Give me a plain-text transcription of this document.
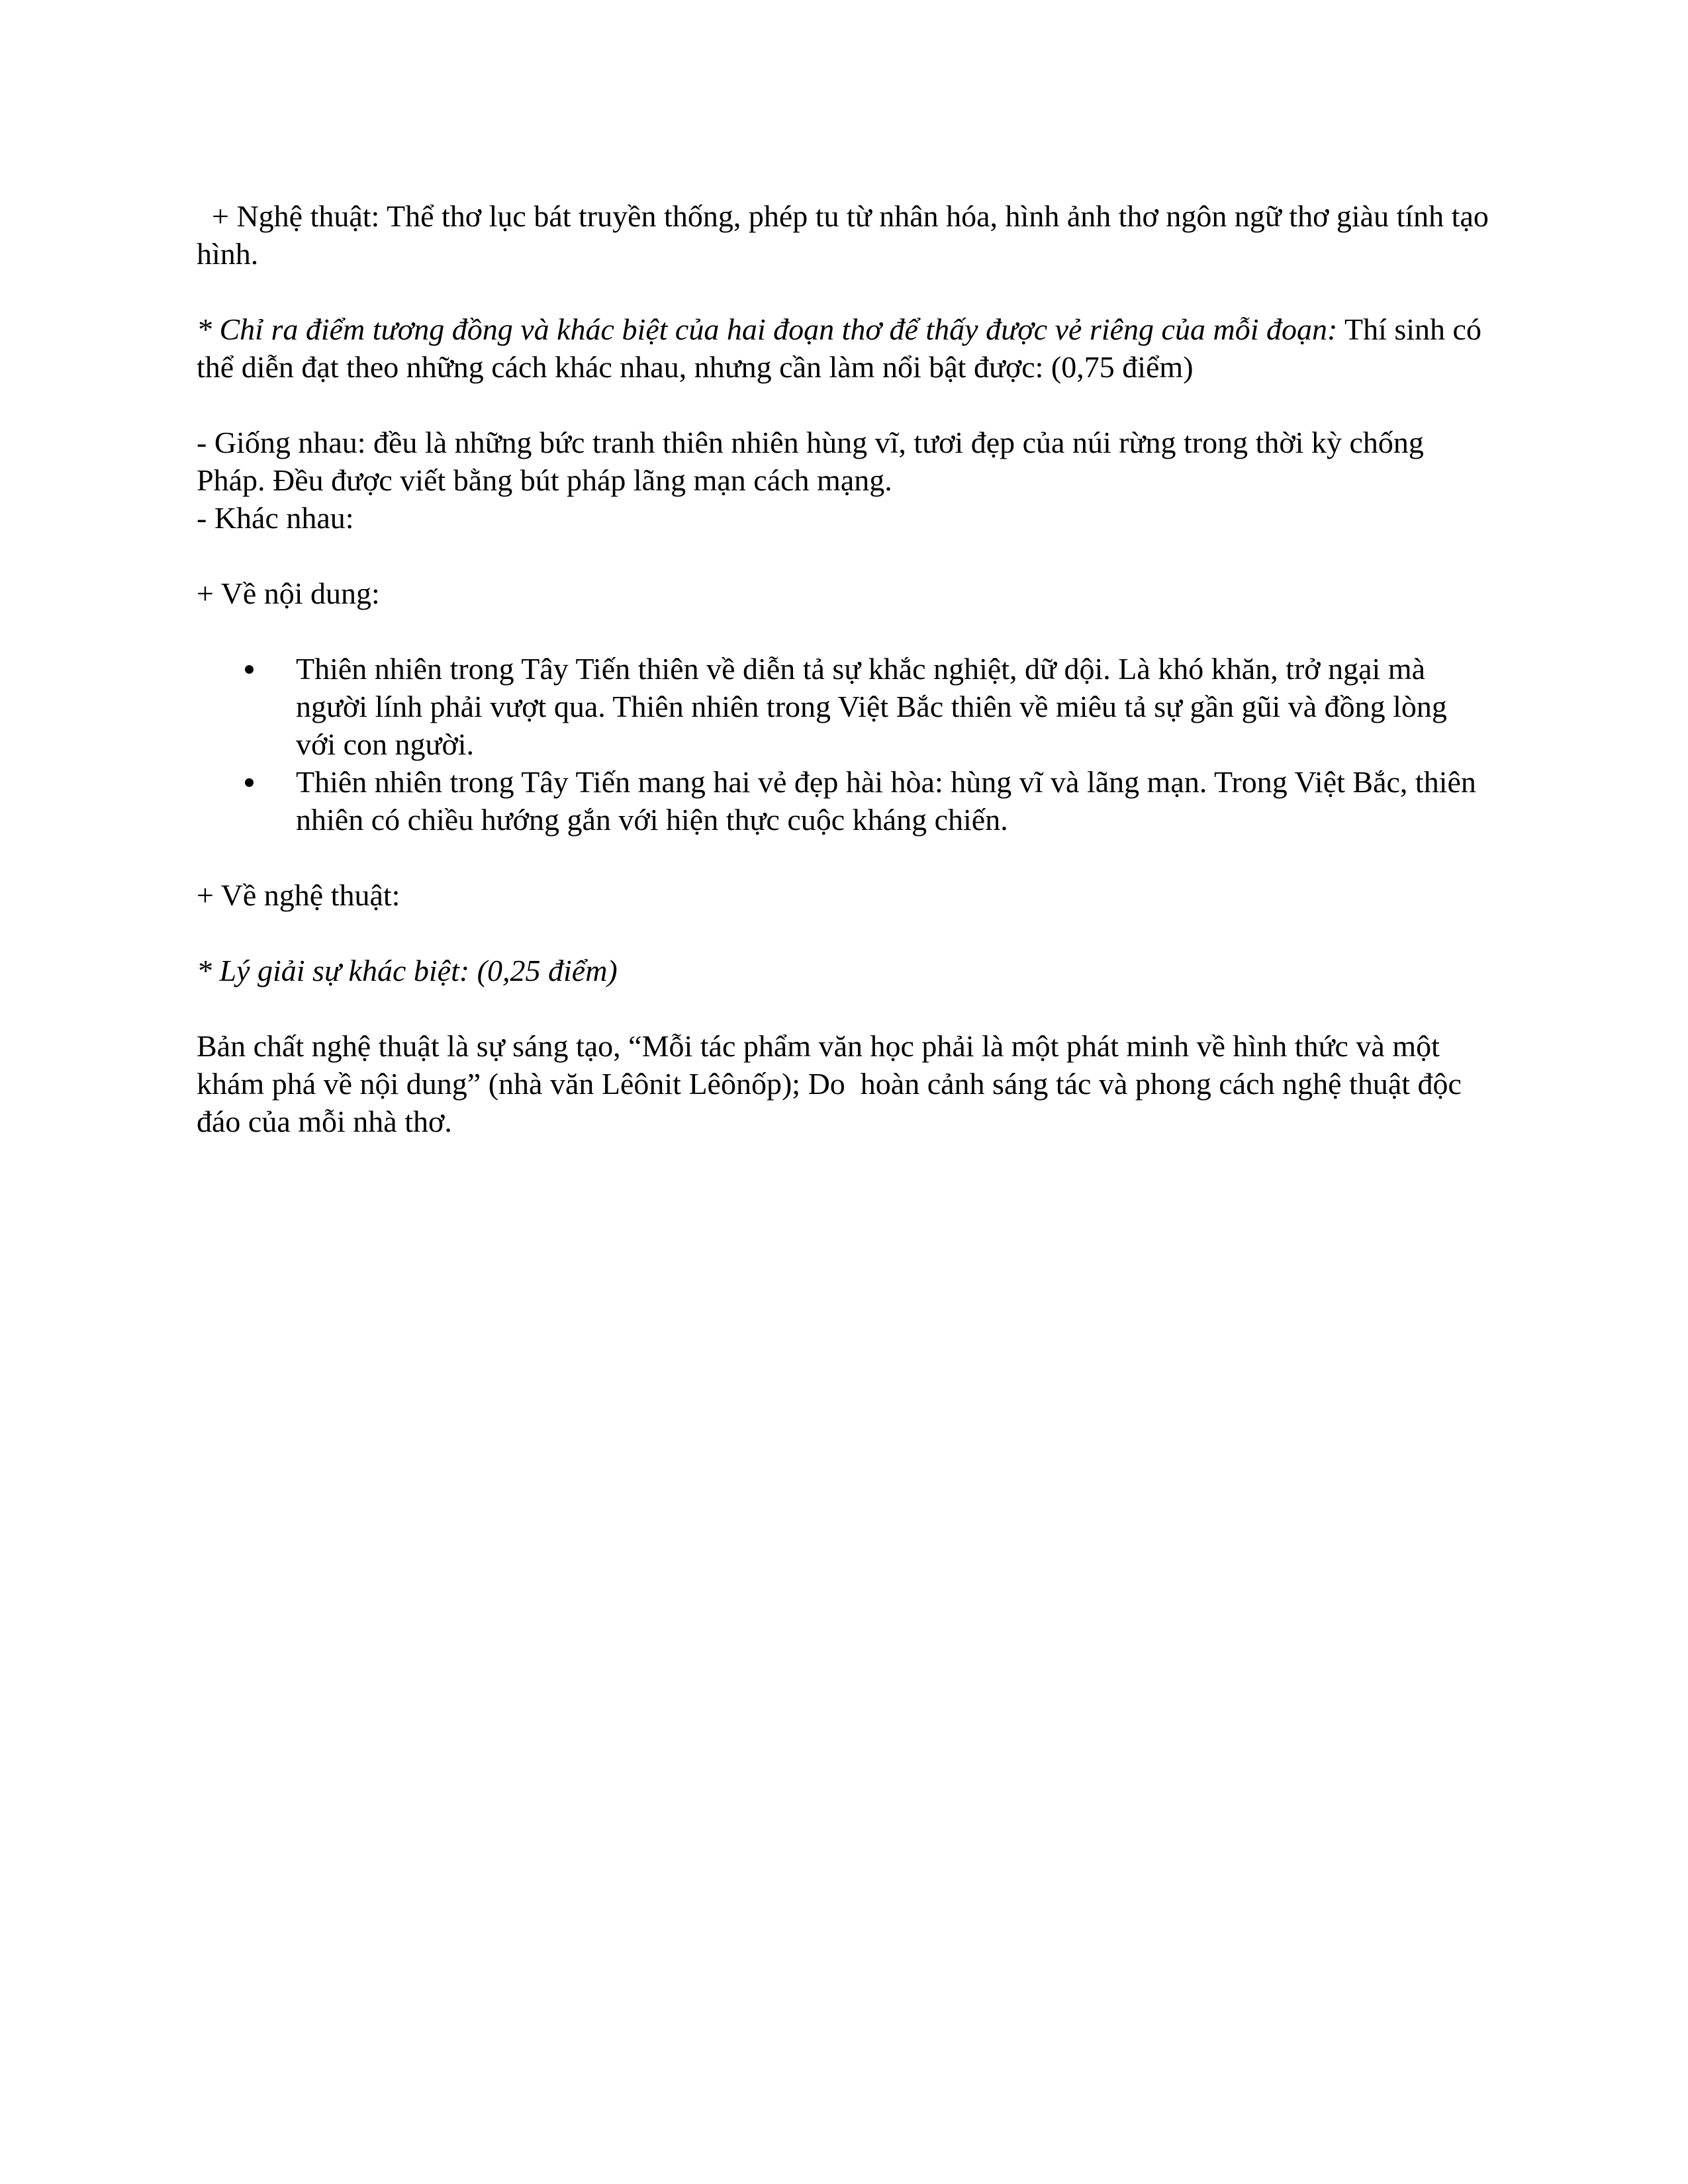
+ Nghệ thuật: Thể thơ lục bát truyền thống, phép tu từ nhân hóa, hình ảnh thơ ngôn ngữ thơ giàu tính tạo hình.

* Chỉ ra điểm tương đồng và khác biệt của hai đoạn thơ để thấy được vẻ riêng của mỗi đoạn: Thí sinh có thể diễn đạt theo những cách khác nhau, nhưng cần làm nổi bật được: (0,75 điểm)

- Giống nhau: đều là những bức tranh thiên nhiên hùng vĩ, tươi đẹp của núi rừng trong thời kỳ chống Pháp. Đều được viết bằng bút pháp lãng mạn cách mạng.

- Khác nhau:

+ Về nội dung:

Thiên nhiên trong Tây Tiến thiên về diễn tả sự khắc nghiệt, dữ dội. Là khó khăn, trở ngại mà người lính phải vượt qua. Thiên nhiên trong Việt Bắc thiên về miêu tả sự gần gũi và đồng lòng với con người.
Thiên nhiên trong Tây Tiến mang hai vẻ đẹp hài hòa: hùng vĩ và lãng mạn. Trong Việt Bắc, thiên nhiên có chiều hướng gắn với hiện thực cuộc kháng chiến.

+ Về nghệ thuật:

* Lý giải sự khác biệt: (0,25 điểm)

Bản chất nghệ thuật là sự sáng tạo, “Mỗi tác phẩm văn học phải là một phát minh về hình thức và một khám phá về nội dung” (nhà văn Lêônit Lêônốp); Do  hoàn cảnh sáng tác và phong cách nghệ thuật độc đáo của mỗi nhà thơ.
